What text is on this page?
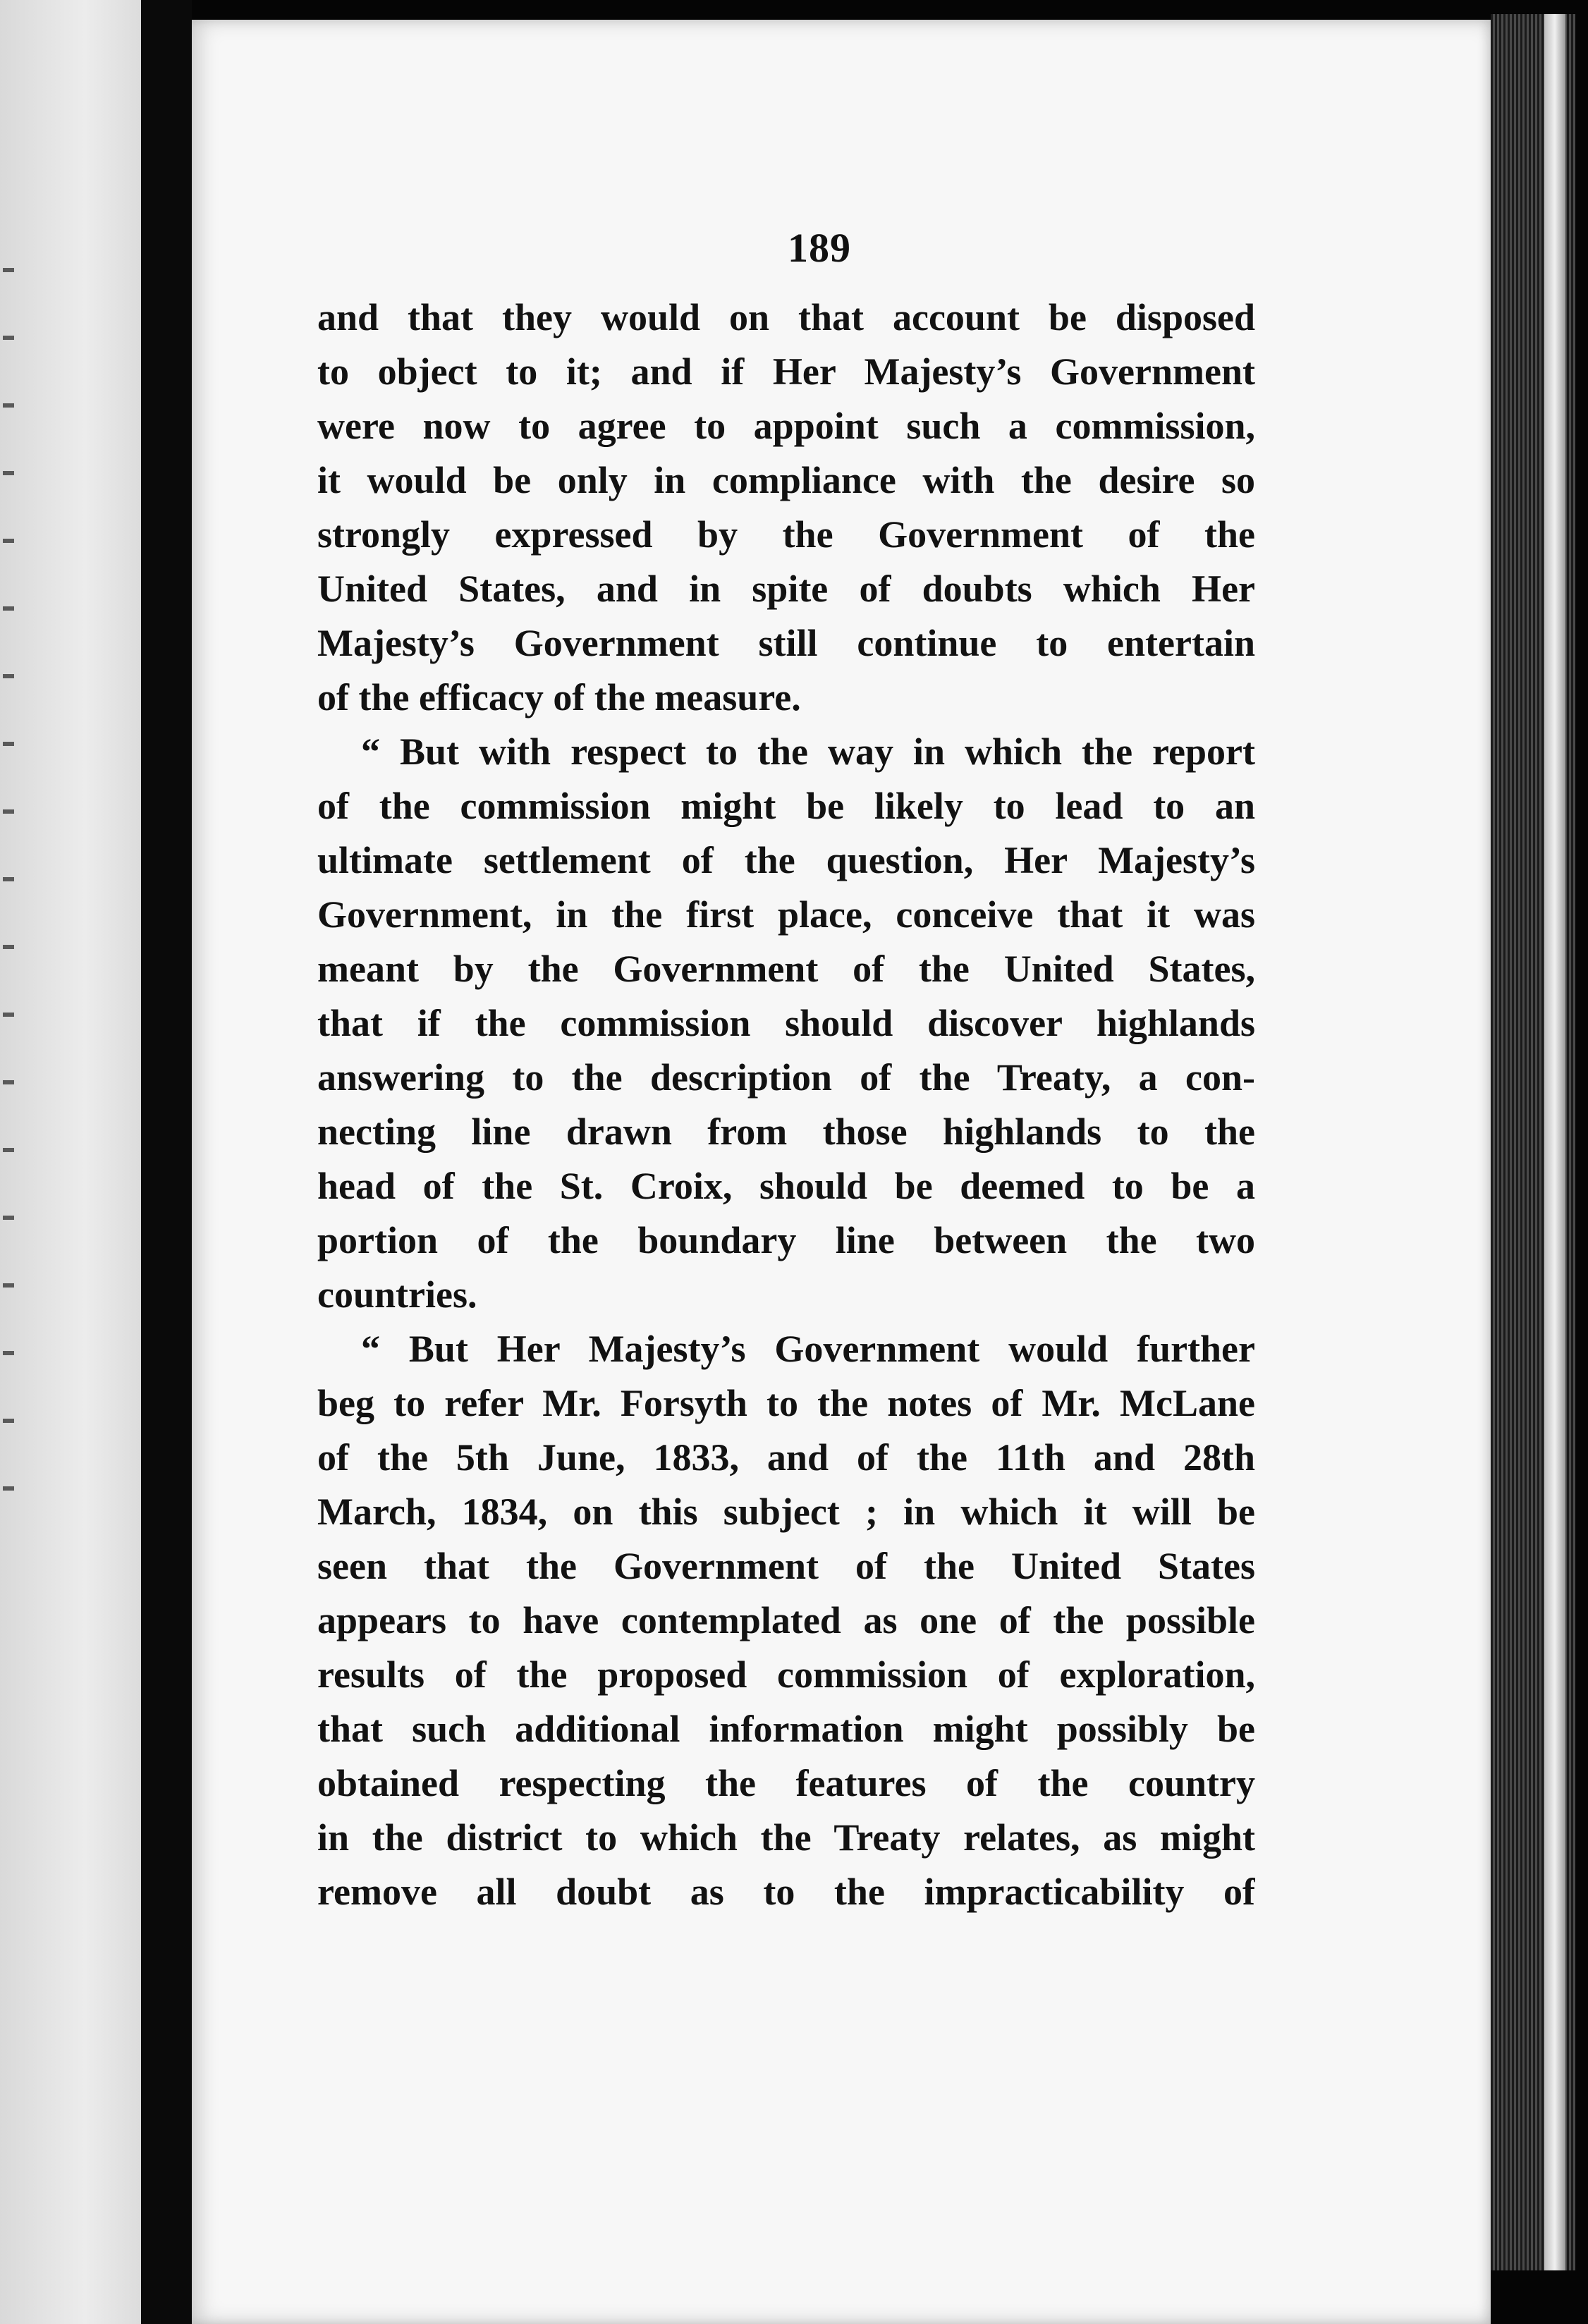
189
and that they would on that account be disposed
to object to it; and if Her Majesty’s Government
were now to agree to appoint such a commission,
it would be only in compliance with the desire so
strongly expressed by the Government of the
United States, and in spite of doubts which Her
Majesty’s Government still continue to entertain
of the efficacy of the measure.
“ But with respect to the way in which the report
of the commission might be likely to lead to an
ultimate settlement of the question, Her Majesty’s
Government, in the first place, conceive that it was
meant by the Government of the United States,
that if the commission should discover highlands
answering to the description of the Treaty, a con-
necting line drawn from those highlands to the
head of the St. Croix, should be deemed to be a
portion of the boundary line between the two
countries.
“ But Her Majesty’s Government would further
beg to refer Mr. Forsyth to the notes of Mr. McLane
of the 5th June, 1833, and of the 11th and 28th
March, 1834, on this subject ; in which it will be
seen that the Government of the United States
appears to have contemplated as one of the possible
results of the proposed commission of exploration,
that such additional information might possibly be
obtained respecting the features of the country
in the district to which the Treaty relates, as might
remove all doubt as to the impracticability of
